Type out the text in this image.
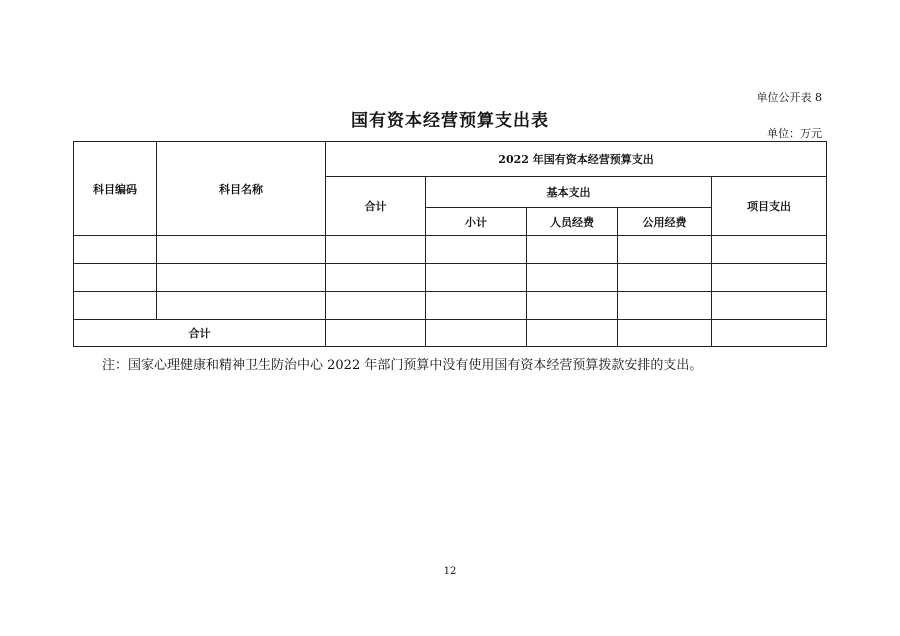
单位公开表 8
国有资本经营预算支出表
单位：万元
科目编码	科目名称	2022 年国有资本经营预算支出				
		合计	基本支出			项目支出
			小计	人员经费	公用经费	

合计						
注：国家心理健康和精神卫生防治中心 2022 年部门预算中没有使用国有资本经营预算拨款安排的支出。
12
